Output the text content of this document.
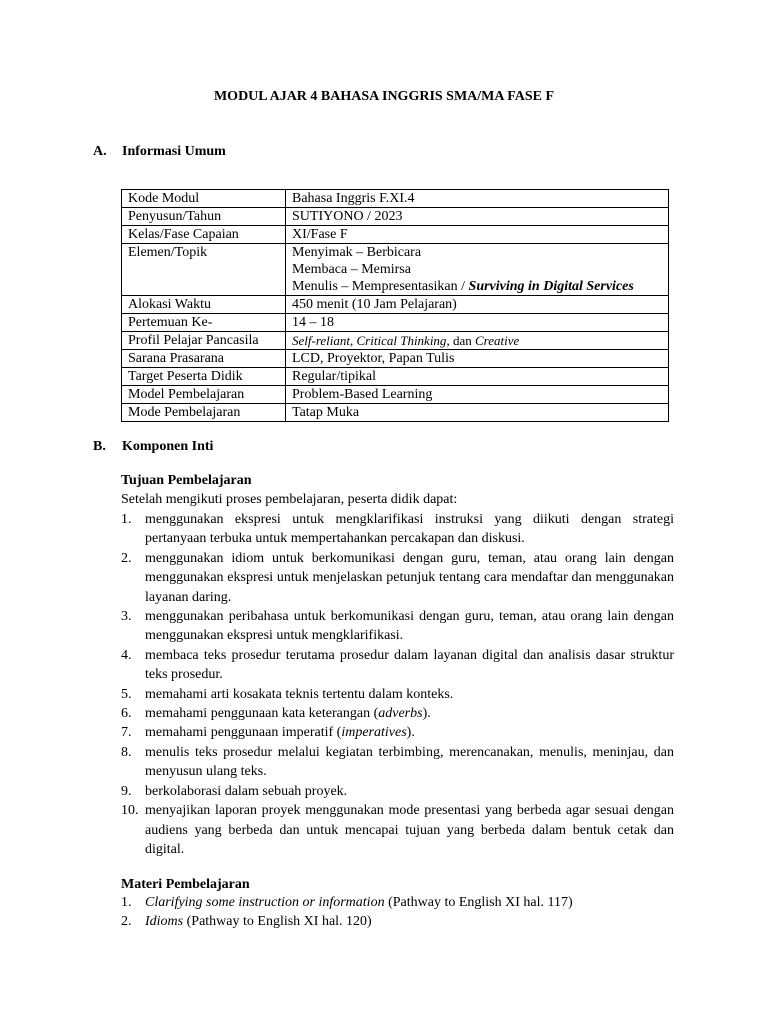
MODUL AJAR 4 BAHASA INGGRIS SMA/MA FASE F
A. Informasi Umum
Kode Modul	Bahasa Inggris F.XI.4
Penyusun/Tahun	SUTIYONO / 2023
Kelas/Fase Capaian	XI/Fase F
Elemen/Topik	Menyimak – Berbicara
Membaca – Memirsa
Menulis – Mempresentasikan / Surviving in Digital Services

Alokasi Waktu	450 menit (10 Jam Pelajaran)
Pertemuan Ke-	14 – 18
Profil Pelajar Pancasila	Self-reliant, Critical Thinking, dan Creative
Sarana Prasarana	LCD, Proyektor, Papan Tulis
Target Peserta Didik	Regular/tipikal
Model Pembelajaran	Problem-Based Learning
Mode Pembelajaran	Tatap Muka
B. Komponen Inti
Tujuan Pembelajaran
Setelah mengikuti proses pembelajaran, peserta didik dapat:
1. menggunakan ekspresi untuk mengklarifikasi instruksi yang diikuti dengan strategi pertanyaan terbuka untuk mempertahankan percakapan dan diskusi.
2. menggunakan idiom untuk berkomunikasi dengan guru, teman, atau orang lain dengan menggunakan ekspresi untuk menjelaskan petunjuk tentang cara mendaftar dan menggunakan layanan daring.
3. menggunakan peribahasa untuk berkomunikasi dengan guru, teman, atau orang lain dengan menggunakan ekspresi untuk mengklarifikasi.
4. membaca teks prosedur terutama prosedur dalam layanan digital dan analisis dasar struktur teks prosedur.
5. memahami arti kosakata teknis tertentu dalam konteks.
6. memahami penggunaan kata keterangan (adverbs).
7. memahami penggunaan imperatif (imperatives).
8. menulis teks prosedur melalui kegiatan terbimbing, merencanakan, menulis, meninjau, dan menyusun ulang teks.
9. berkolaborasi dalam sebuah proyek.
10. menyajikan laporan proyek menggunakan mode presentasi yang berbeda agar sesuai dengan audiens yang berbeda dan untuk mencapai tujuan yang berbeda dalam bentuk cetak dan digital.
Materi Pembelajaran
1. Clarifying some instruction or information (Pathway to English XI hal. 117)
2. Idioms (Pathway to English XI hal. 120)
